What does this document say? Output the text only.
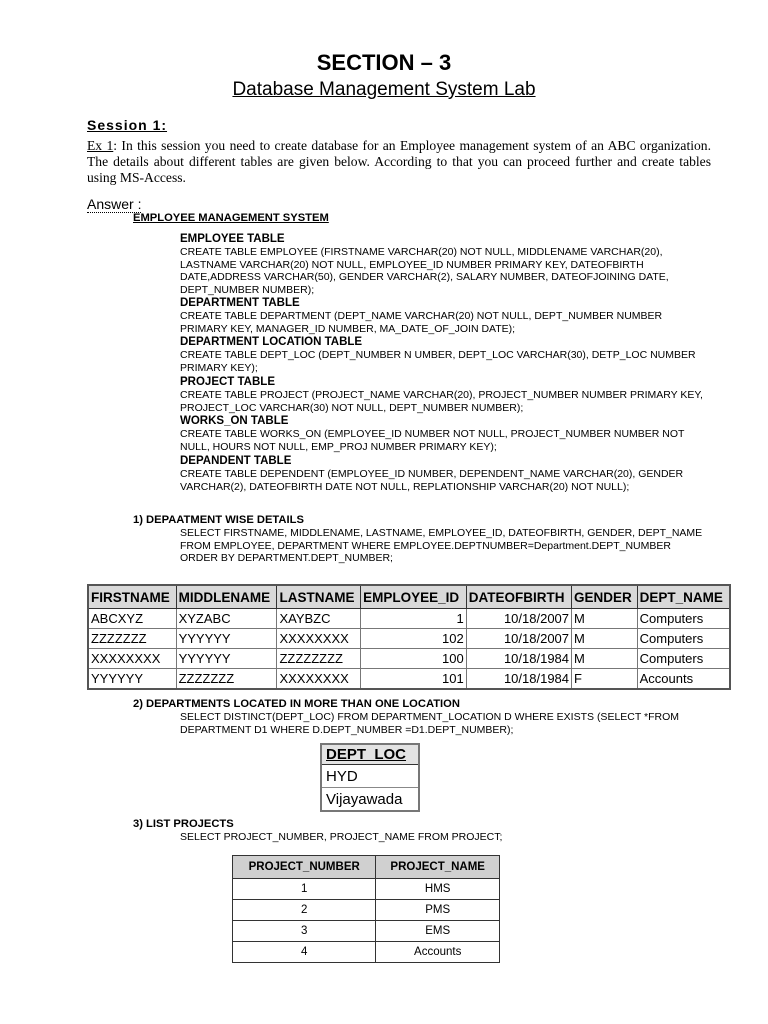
SECTION – 3
Database Management System Lab
Session 1:
Ex 1: In this session you need to create database for an Employee management system of an ABC organization. The details about different tables are given below. According to that you can proceed further and create tables using MS-Access.
Answer :
EMPLOYEE MANAGEMENT SYSTEM
EMPLOYEE TABLE
CREATE TABLE EMPLOYEE (FIRSTNAME VARCHAR(20) NOT NULL, MIDDLENAME VARCHAR(20), LASTNAME VARCHAR(20) NOT NULL, EMPLOYEE_ID NUMBER PRIMARY KEY, DATEOFBIRTH DATE,ADDRESS VARCHAR(50), GENDER VARCHAR(2), SALARY NUMBER, DATEOFJOINING DATE, DEPT_NUMBER NUMBER);
DEPARTMENT TABLE
CREATE TABLE DEPARTMENT (DEPT_NAME VARCHAR(20) NOT NULL, DEPT_NUMBER NUMBER PRIMARY KEY, MANAGER_ID NUMBER, MA_DATE_OF_JOIN DATE);
DEPARTMENT LOCATION TABLE
CREATE TABLE DEPT_LOC (DEPT_NUMBER N UMBER, DEPT_LOC VARCHAR(30), DETP_LOC NUMBER PRIMARY KEY);
PROJECT TABLE
CREATE TABLE PROJECT (PROJECT_NAME VARCHAR(20), PROJECT_NUMBER NUMBER PRIMARY KEY, PROJECT_LOC VARCHAR(30) NOT NULL, DEPT_NUMBER NUMBER);
WORKS_ON TABLE
CREATE TABLE WORKS_ON (EMPLOYEE_ID NUMBER NOT NULL, PROJECT_NUMBER NUMBER NOT NULL, HOURS NOT NULL, EMP_PROJ NUMBER PRIMARY KEY);
DEPANDENT TABLE
CREATE TABLE DEPENDENT (EMPLOYEE_ID NUMBER, DEPENDENT_NAME VARCHAR(20), GENDER VARCHAR(2), DATEOFBIRTH DATE NOT NULL, REPLATIONSHIP VARCHAR(20) NOT NULL);
1) DEPAATMENT WISE DETAILS
SELECT FIRSTNAME, MIDDLENAME, LASTNAME, EMPLOYEE_ID, DATEOFBIRTH, GENDER, DEPT_NAME FROM EMPLOYEE, DEPARTMENT WHERE EMPLOYEE.DEPTNUMBER=Department.DEPT_NUMBER ORDER BY DEPARTMENT.DEPT_NUMBER;
FIRSTNAME	MIDDLENAME	LASTNAME	EMPLOYEE_ID	DATEOFBIRTH	GENDER	DEPT_NAME
ABCXYZ	XYZABC	XAYBZC	1	10/18/2007	M	Computers
ZZZZZZZ	YYYYYY	XXXXXXXX	102	10/18/2007	M	Computers
XXXXXXXX	YYYYYY	ZZZZZZZZ	100	10/18/1984	M	Computers
YYYYYY	ZZZZZZZ	XXXXXXXX	101	10/18/1984	F	Accounts
2) DEPARTMENTS LOCATED IN MORE THAN ONE LOCATION
SELECT DISTINCT(DEPT_LOC) FROM DEPARTMENT_LOCATION D WHERE EXISTS (SELECT *FROM DEPARTMENT D1 WHERE D.DEPT_NUMBER =D1.DEPT_NUMBER);
DEPT_LOC
HYD
Vijayawada
3) LIST PROJECTS
SELECT PROJECT_NUMBER, PROJECT_NAME FROM PROJECT;
PROJECT_NUMBER	PROJECT_NAME
1	HMS
2	PMS
3	EMS
4	Accounts
